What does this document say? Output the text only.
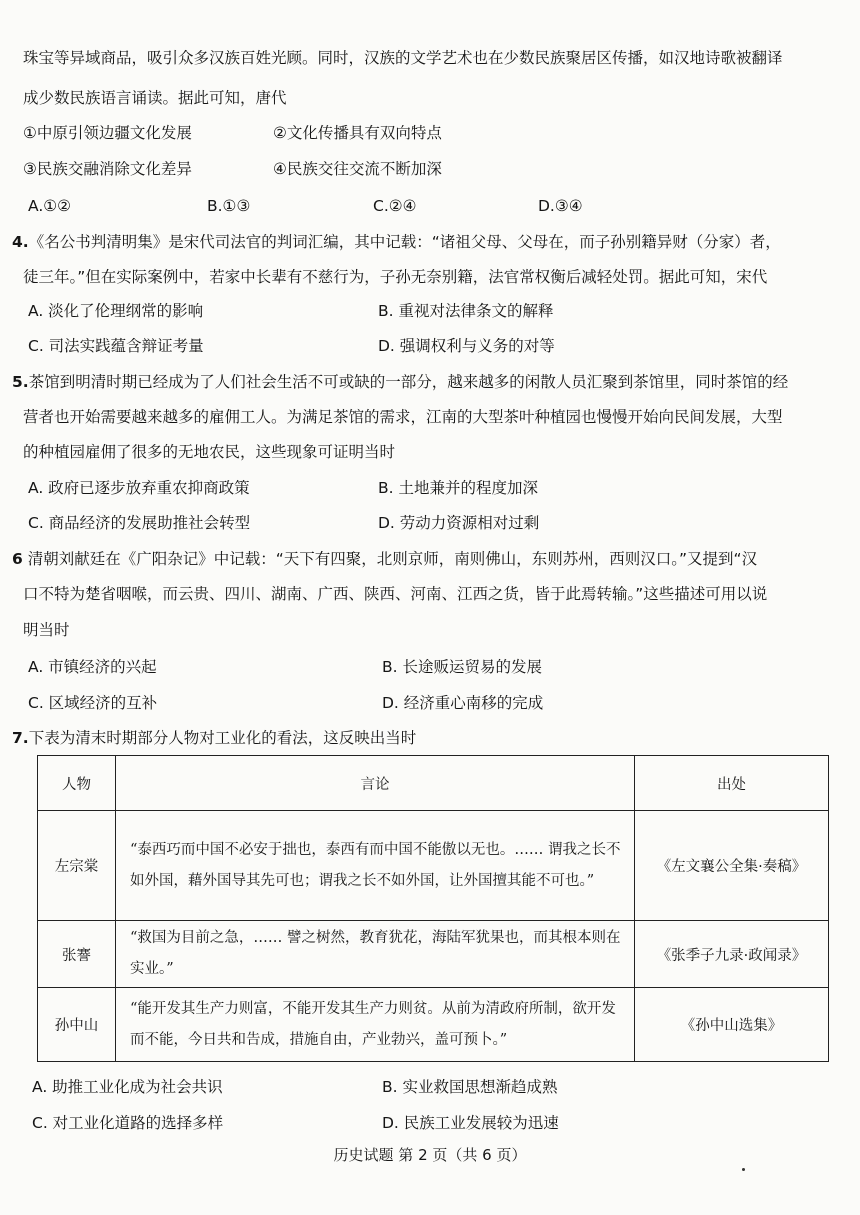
珠宝等异域商品，吸引众多汉族百姓光顾。同时，汉族的文学艺术也在少数民族聚居区传播，如汉地诗歌被翻译
成少数民族语言诵读。据此可知，唐代
①中原引领边疆文化发展	②文化传播具有双向特点
③民族交融消除文化差异	④民族交往交流不断加深
A.①②	B.①③	C.②④	D.③④
4.《名公书判清明集》是宋代司法官的判词汇编，其中记载：“诸祖父母、父母在，而子孙别籍异财（分家）者，
徒三年。”但在实际案例中，若家中长辈有不慈行为，子孙无奈别籍，法官常权衡后减轻处罚。据此可知，宋代
A. 淡化了伦理纲常的影响	B. 重视对法律条文的解释
C. 司法实践蕴含辩证考量	D. 强调权利与义务的对等
5.茶馆到明清时期已经成为了人们社会生活不可或缺的一部分，越来越多的闲散人员汇聚到茶馆里，同时茶馆的经
营者也开始需要越来越多的雇佣工人。为满足茶馆的需求，江南的大型茶叶种植园也慢慢开始向民间发展，大型
的种植园雇佣了很多的无地农民，这些现象可证明当时
A. 政府已逐步放弃重农抑商政策	B. 土地兼并的程度加深
C. 商品经济的发展助推社会转型	D. 劳动力资源相对过剩
6 清朝刘献廷在《广阳杂记》中记载：“天下有四聚，北则京师，南则佛山，东则苏州，西则汉口。”又提到“汉
口不特为楚省咽喉，而云贵、四川、湖南、广西、陕西、河南、江西之货，皆于此焉转输。”这些描述可用以说
明当时
A. 市镇经济的兴起	B. 长途贩运贸易的发展
C. 区域经济的互补	D. 经济重心南移的完成
7.下表为清末时期部分人物对工业化的看法，这反映出当时
人物	言论	出处
左宗棠	“泰西巧而中国不必安于拙也，泰西有而中国不能傲以无也。…… 谓我之长不如外国，藉外国导其先可也；谓我之长不如外国，让外国擅其能不可也。”	《左文襄公全集·奏稿》
张謇	“救国为目前之急，…… 譬之树然，教育犹花，海陆军犹果也，而其根本则在实业。”	《张季子九录·政闻录》
孙中山	“能开发其生产力则富，不能开发其生产力则贫。从前为清政府所制，欲开发而不能，今日共和告成，措施自由，产业勃兴，盖可预卜。”	《孙中山选集》
A. 助推工业化成为社会共识	B. 实业救国思想渐趋成熟
C. 对工业化道路的选择多样	D. 民族工业发展较为迅速
历史试题 第 2 页（共 6 页）
